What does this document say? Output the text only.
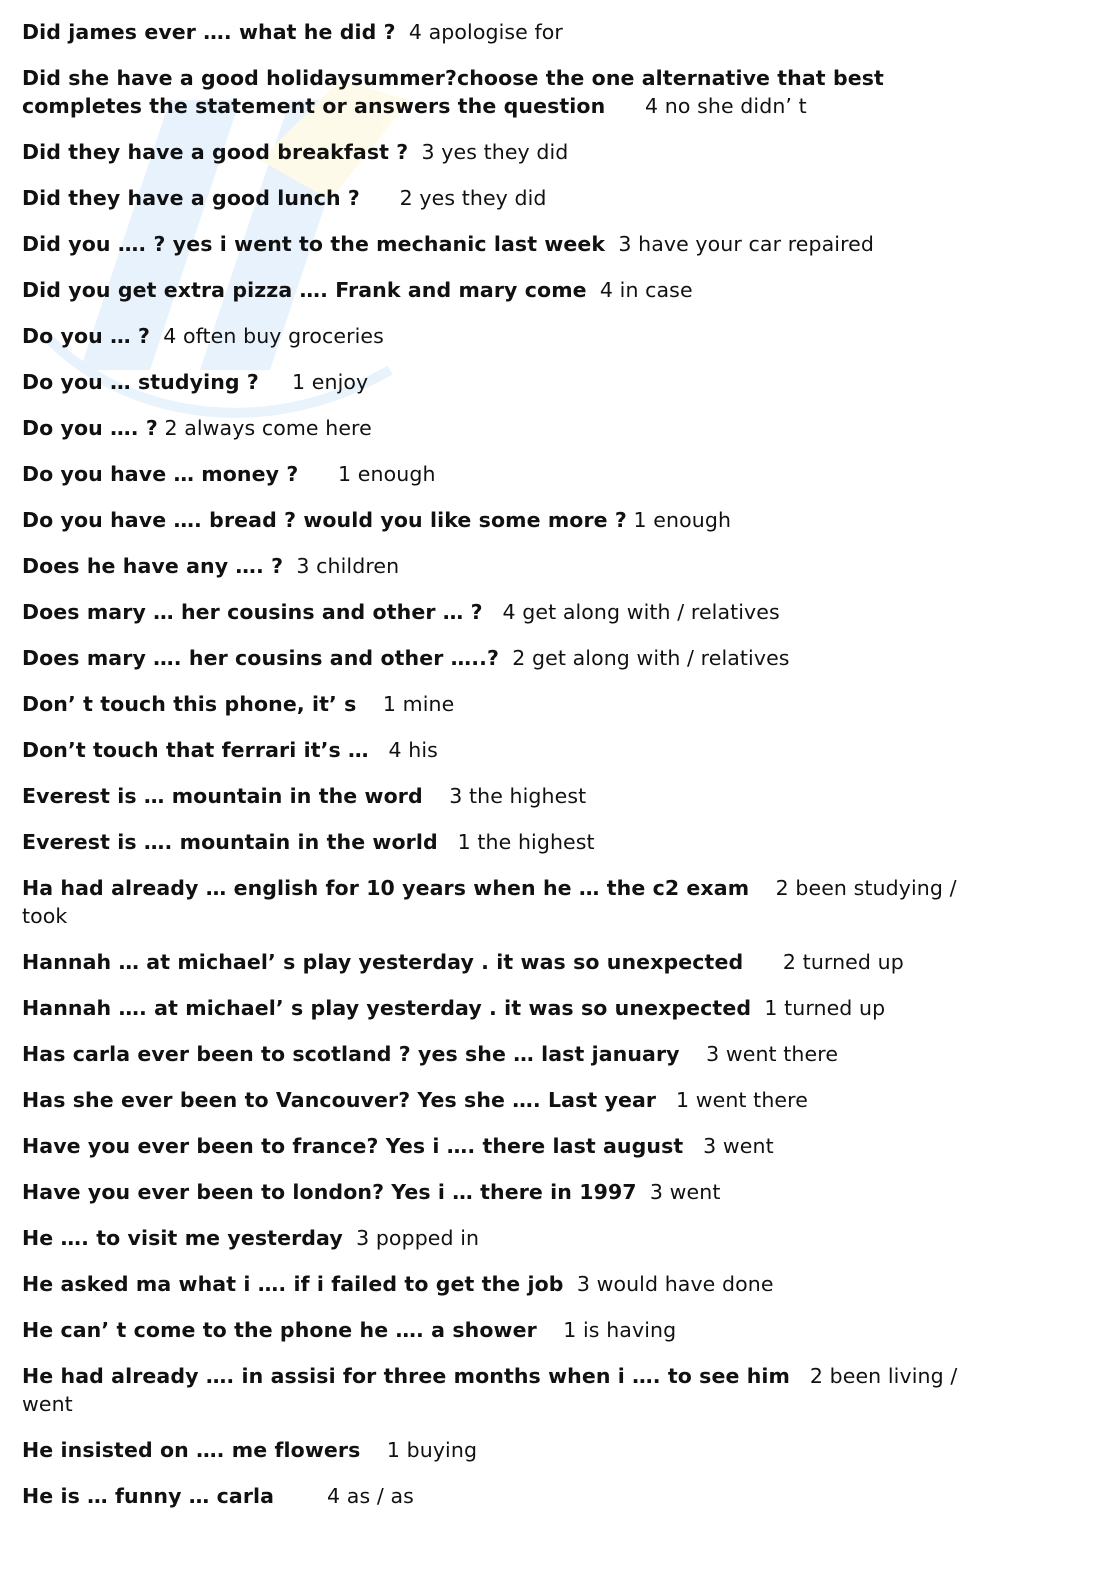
Did james ever …. what he did ? 4 apologise for

Did she have a good holidaysummer?choose the one alternative that best completes the statement or answers the question 4 no she didn’ t

Did they have a good breakfast ? 3 yes they did

Did they have a good lunch ? 2 yes they did

Did you …. ? yes i went to the mechanic last week 3 have your car repaired

Did you get extra pizza …. Frank and mary come 4 in case

Do you … ? 4 often buy groceries

Do you … studying ? 1 enjoy

Do you …. ? 2 always come here

Do you have … money ? 1 enough

Do you have …. bread ? would you like some more ? 1 enough

Does he have any …. ? 3 children

Does mary … her cousins and other … ? 4 get along with / relatives

Does mary …. her cousins and other …..? 2 get along with / relatives

Don’ t touch this phone, it’ s 1 mine

Don’t touch that ferrari it’s … 4 his

Everest is … mountain in the word 3 the highest

Everest is …. mountain in the world 1 the highest

Ha had already … english for 10 years when he … the c2 exam 2 been studying / took

Hannah … at michael’ s play yesterday . it was so unexpected 2 turned up

Hannah …. at michael’ s play yesterday . it was so unexpected 1 turned up

Has carla ever been to scotland ? yes she … last january 3 went there

Has she ever been to Vancouver? Yes she …. Last year 1 went there

Have you ever been to france? Yes i …. there last august 3 went

Have you ever been to london? Yes i … there in 1997 3 went

He …. to visit me yesterday 3 popped in

He asked ma what i …. if i failed to get the job 3 would have done

He can’ t come to the phone he …. a shower 1 is having

He had already …. in assisi for three months when i …. to see him 2 been living / went

He insisted on …. me flowers 1 buying

He is … funny … carla	4 as / as
